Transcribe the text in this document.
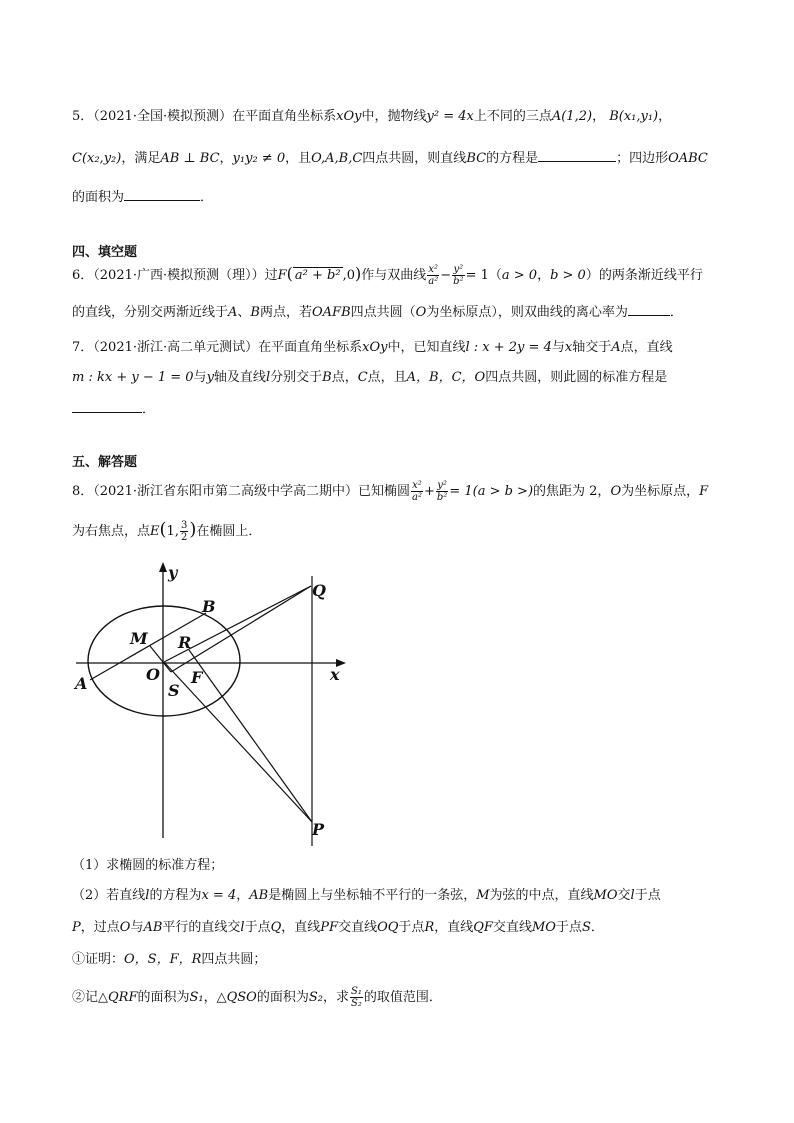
5．（2021·全国·模拟预测）在平面直角坐标系xOy中，抛物线y² = 4x上不同的三点A(1,2)， B(x₁,y₁)，
C(x₂,y₂)，满足AB ⊥ BC，y₁y₂ ≠ 0，且O,A,B,C四点共圆，则直线BC的方程是	；四边形OABC
的面积为	．
四、填空题
6．（2021·广西·模拟预测（理））过F( a² + b² ,0)作与双曲线 $\frac{\text{x²}}{\text{a²}} - \frac{\text{y²}}{\text{b²}} = 1(a > 0$，b > 0）的两条渐近线平行
的直线，分别交两渐近线于A、B两点，若OAFB四点共圆（O为坐标原点），则双曲线的离心率为	．
7．（2021·浙江·高二单元测试）在平面直角坐标系xOy中，已知直线l : x + 2y = 4与x轴交于A点，直线
m : kx + y − 1 = 0与y轴及直线l分别交于B点，C点，且A，B，C，O四点共圆，则此圆的标准方程是
．
五、解答题
8．（2021·浙江省东阳市第二高级中学高二期中）已知椭圆 $\frac{\text{x²}}{\text{a²}} + \frac{\text{y²}}{\text{b²}} = 1(a > b$ >)的焦距为 2，O为坐标原点，F
为右焦点，点E(1, $\frac{3}{2}$ )在椭圆上．
y
x
B
Q
M R
O F
A	S
P
（1）求椭圆的标准方程；
（2）若直线l的方程为x = 4，AB是椭圆上与坐标轴不平行的一条弦，M为弦的中点，直线MO交l于点
P，过点O与AB平行的直线交l于点Q，直线PF交直线OQ于点R，直线QF交直线MO于点S．
①证明：O，S，F，R四点共圆；
②记△QRF的面积为S₁，△QSO的面积为S₂，求 $\frac{\text{S₁}}{\text{S₂}}$ 的取值范围．
